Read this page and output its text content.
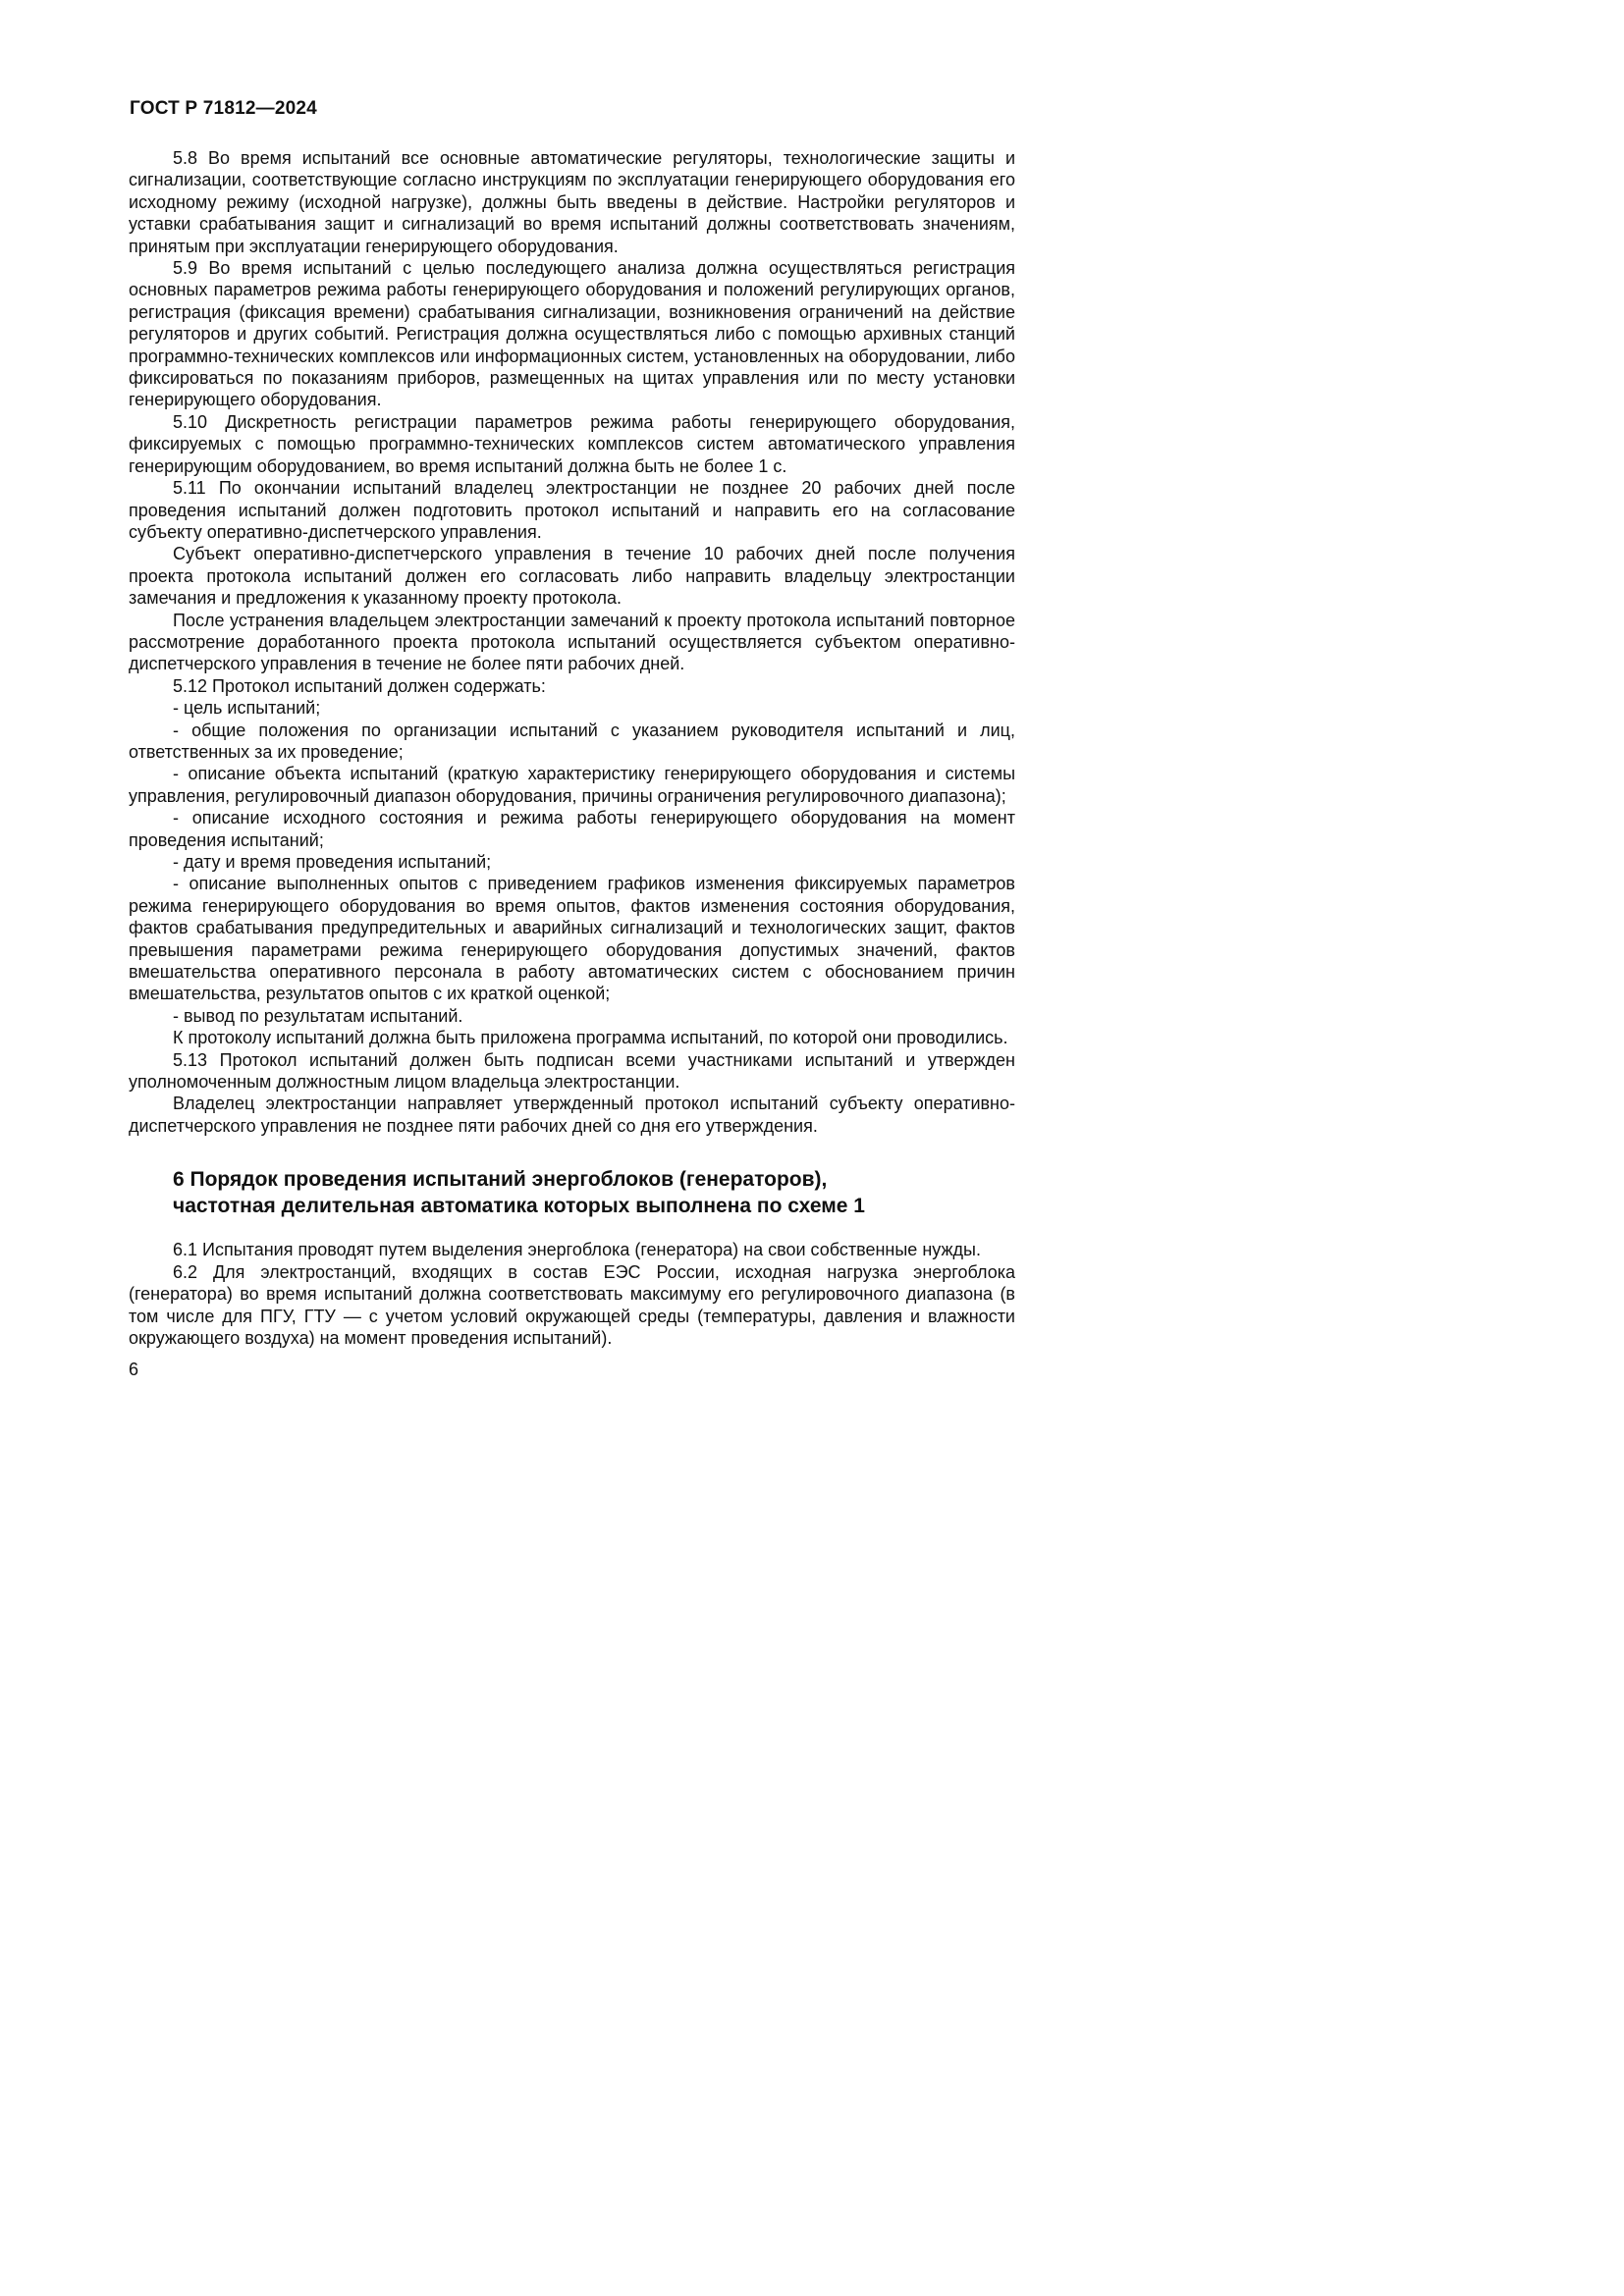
ГОСТ Р 71812—2024

5.8 Во время испытаний все основные автоматические регуляторы, технологические защиты и сигнализации, соответствующие согласно инструкциям по эксплуатации генерирующего оборудования его исходному режиму (исходной нагрузке), должны быть введены в действие. Настройки регуляторов и уставки срабатывания защит и сигнализаций во время испытаний должны соответствовать значениям, принятым при эксплуатации генерирующего оборудования.

5.9 Во время испытаний с целью последующего анализа должна осуществляться регистрация основных параметров режима работы генерирующего оборудования и положений регулирующих органов, регистрация (фиксация времени) срабатывания сигнализации, возникновения ограничений на действие регуляторов и других событий. Регистрация должна осуществляться либо с помощью архивных станций программно-технических комплексов или информационных систем, установленных на оборудовании, либо фиксироваться по показаниям приборов, размещенных на щитах управления или по месту установки генерирующего оборудования.

5.10 Дискретность регистрации параметров режима работы генерирующего оборудования, фиксируемых с помощью программно-технических комплексов систем автоматического управления генерирующим оборудованием, во время испытаний должна быть не более 1 с.

5.11 По окончании испытаний владелец электростанции не позднее 20 рабочих дней после проведения испытаний должен подготовить протокол испытаний и направить его на согласование субъекту оперативно-диспетчерского управления.

Субъект оперативно-диспетчерского управления в течение 10 рабочих дней после получения проекта протокола испытаний должен его согласовать либо направить владельцу электростанции замечания и предложения к указанному проекту протокола.

После устранения владельцем электростанции замечаний к проекту протокола испытаний повторное рассмотрение доработанного проекта протокола испытаний осуществляется субъектом оперативно-диспетчерского управления в течение не более пяти рабочих дней.

5.12 Протокол испытаний должен содержать:

- цель испытаний;

- общие положения по организации испытаний с указанием руководителя испытаний и лиц, ответственных за их проведение;

- описание объекта испытаний (краткую характеристику генерирующего оборудования и системы управления, регулировочный диапазон оборудования, причины ограничения регулировочного диапазона);

- описание исходного состояния и режима работы генерирующего оборудования на момент проведения испытаний;

- дату и время проведения испытаний;

- описание выполненных опытов с приведением графиков изменения фиксируемых параметров режима генерирующего оборудования во время опытов, фактов изменения состояния оборудования, фактов срабатывания предупредительных и аварийных сигнализаций и технологических защит, фактов превышения параметрами режима генерирующего оборудования допустимых значений, фактов вмешательства оперативного персонала в работу автоматических систем с обоснованием причин вмешательства, результатов опытов с их краткой оценкой;

- вывод по результатам испытаний.

К протоколу испытаний должна быть приложена программа испытаний, по которой они проводились.

5.13 Протокол испытаний должен быть подписан всеми участниками испытаний и утвержден уполномоченным должностным лицом владельца электростанции.

Владелец электростанции направляет утвержденный протокол испытаний субъекту оперативно-диспетчерского управления не позднее пяти рабочих дней со дня его утверждения.

6 Порядок проведения испытаний энергоблоков (генераторов), частотная делительная автоматика которых выполнена по схеме 1

6.1 Испытания проводят путем выделения энергоблока (генератора) на свои собственные нужды.

6.2 Для электростанций, входящих в состав ЕЭС России, исходная нагрузка энергоблока (генератора) во время испытаний должна соответствовать максимуму его регулировочного диапазона (в том числе для ПГУ, ГТУ — с учетом условий окружающей среды (температуры, давления и влажности окружающего воздуха) на момент проведения испытаний).

6
